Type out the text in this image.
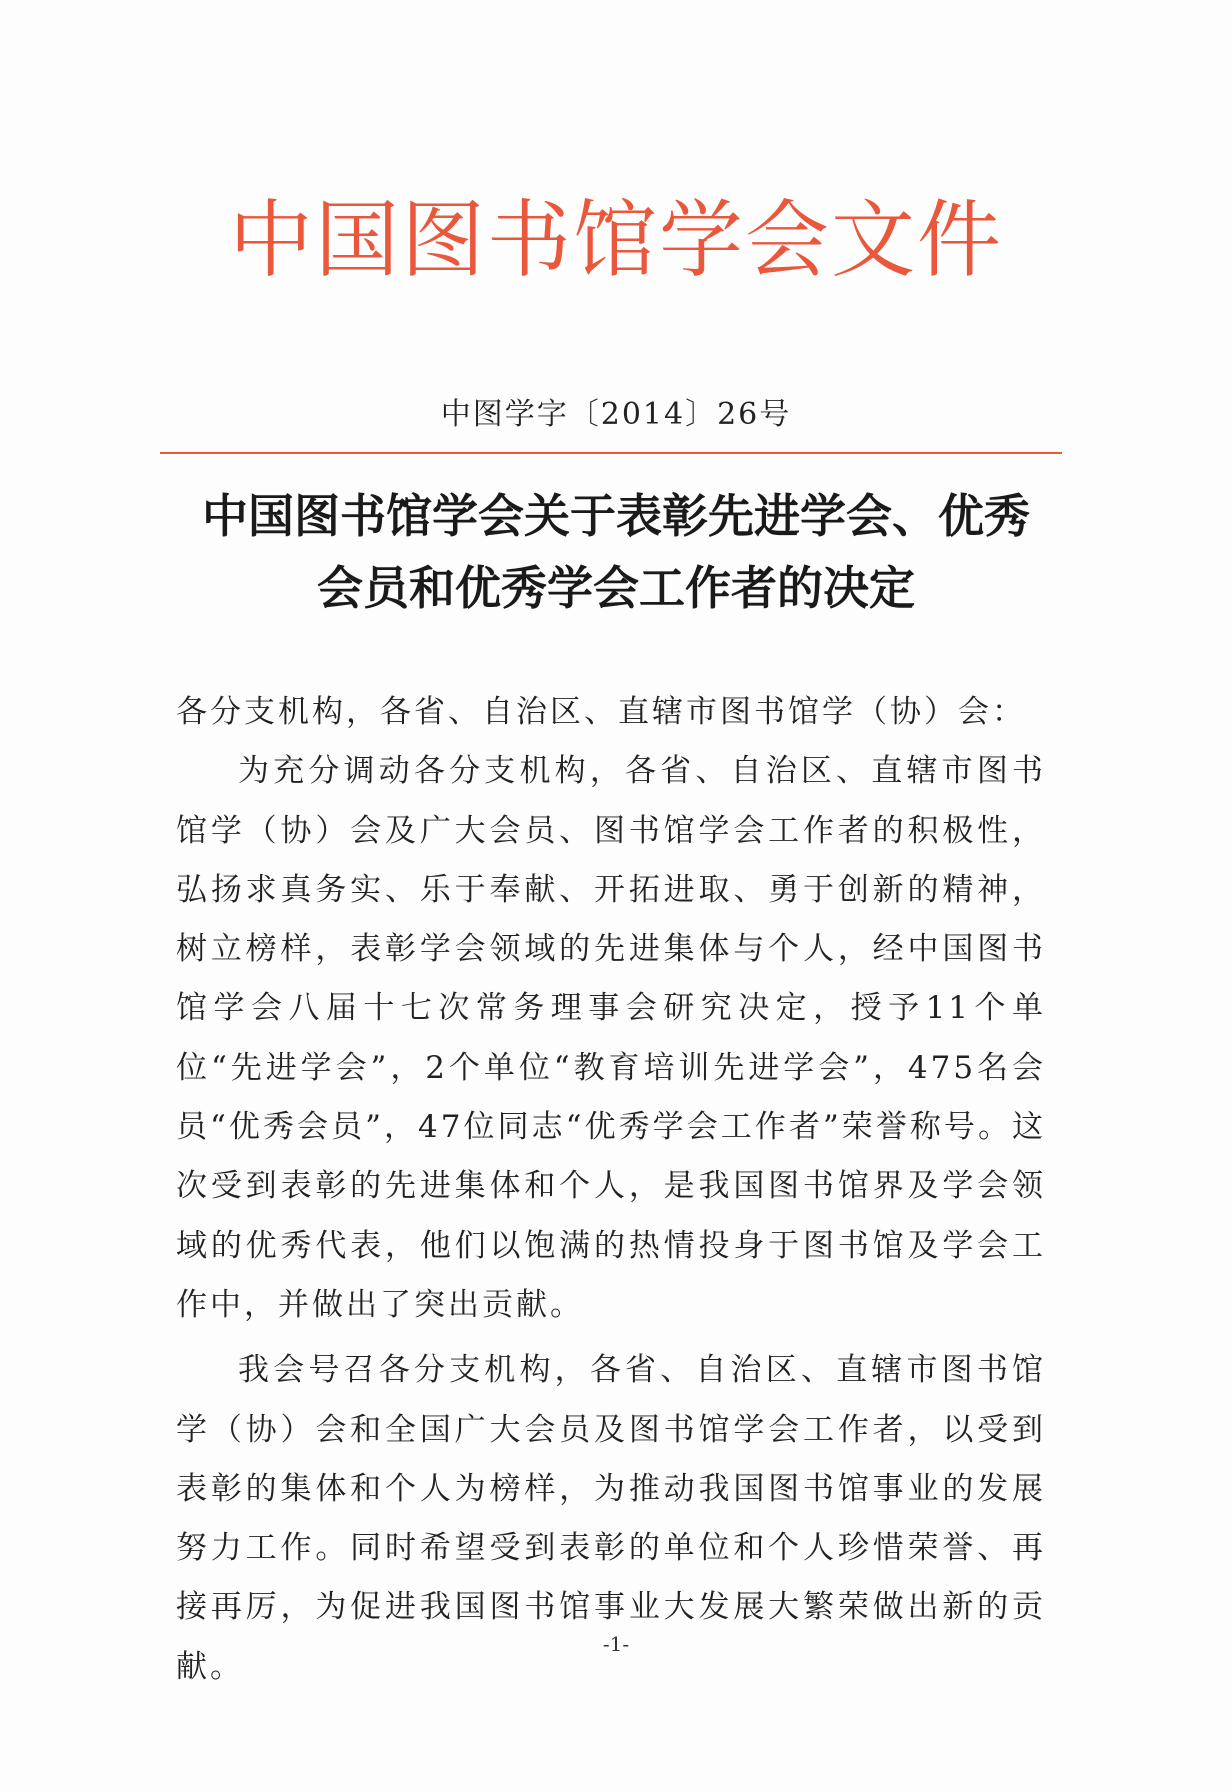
中国图书馆学会文件
中图学字〔2014〕26号
中国图书馆学会关于表彰先进学会、优秀
会员和优秀学会工作者的决定

各分支机构，各省、自治区、直辖市图书馆学（协）会：

为充分调动各分支机构，各省、自治区、直辖市图书馆学（协）会及广大会员、图书馆学会工作者的积极性，弘扬求真务实、乐于奉献、开拓进取、勇于创新的精神，树立榜样，表彰学会领域的先进集体与个人，经中国图书馆学会八届十七次常务理事会研究决定，授予11个单位“先进学会”，2个单位“教育培训先进学会”，475名会员“优秀会员”，47位同志“优秀学会工作者”荣誉称号。这次受到表彰的先进集体和个人，是我国图书馆界及学会领域的优秀代表，他们以饱满的热情投身于图书馆及学会工作中，并做出了突出贡献。

我会号召各分支机构，各省、自治区、直辖市图书馆学（协）会和全国广大会员及图书馆学会工作者，以受到表彰的集体和个人为榜样，为推动我国图书馆事业的发展努力工作。同时希望受到表彰的单位和个人珍惜荣誉、再接再厉，为促进我国图书馆事业大发展大繁荣做出新的贡献。

-1-
